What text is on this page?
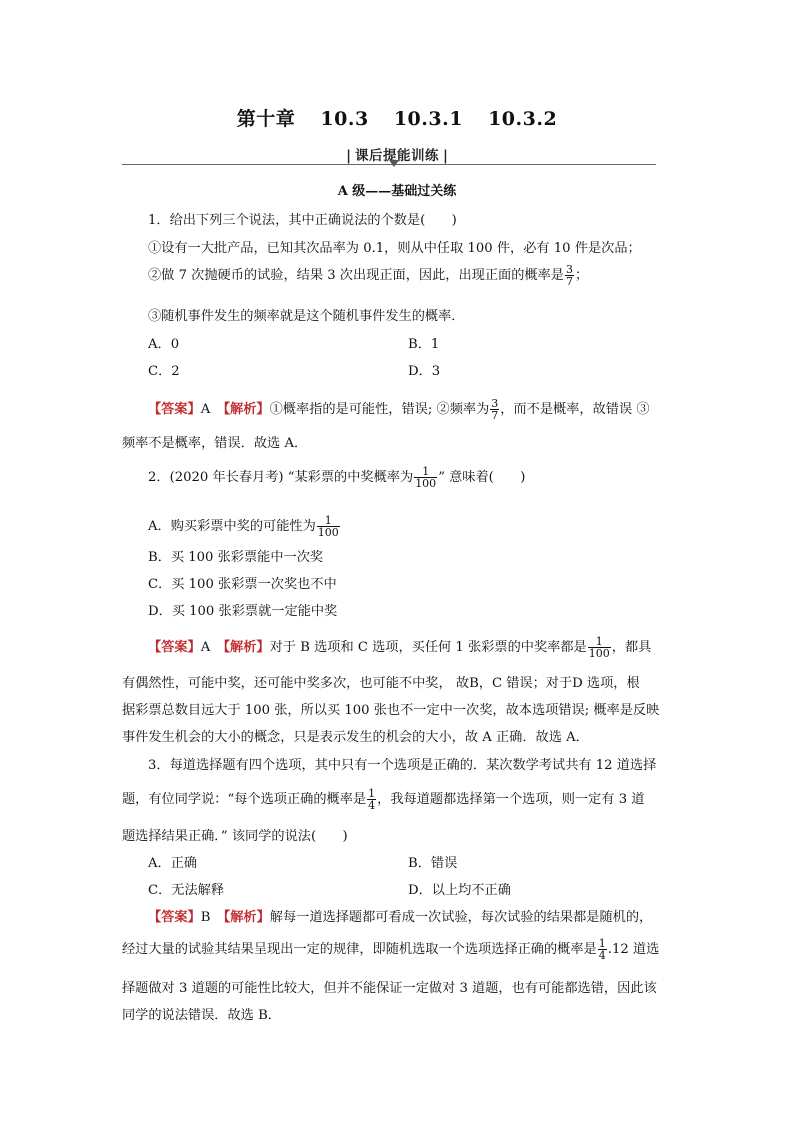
第十章 10.3 10.3.1 10.3.2
| 课后提能训练 |
A 级——基础过关练
1．给出下列三个说法，其中正确说法的个数是(　　)
①设有一大批产品，已知其次品率为 0.1，则从中任取 100 件，必有 10 件是次品；
②做 7 次抛硬币的试验，结果 3 次出现正面，因此，出现正面的概率是 $\frac{3}{7}$ ；
③随机事件发生的频率就是这个随机事件发生的概率．
A．0	B．1
C．2	D．3
【答案】A　 【解析】①概率指的是可能性，错误; ②频率为 $\frac{3}{7}$ ，而不是概率，故错误 ③
频率不是概率，错误．故选 A．
2．(2020 年长春月考) “某彩票的中奖概率为 $\frac{1}{100}$ ” 意味着(　　)
A．购买彩票中奖的可能性为 $\frac{1}{100}$
B．买 100 张彩票能中一次奖
C．买 100 张彩票一次奖也不中
D．买 100 张彩票就一定能中奖
【答案】A　 【解析】对于 B 选项和 C 选项，买任何 1 张彩票的中奖率都是 $\frac{1}{100}$ ，都具
有偶然性，可能中奖，还可能中奖多次，也可能不中奖， 故B，C 错误；对于D 选项，根
据彩票总数目远大于 100 张，所以买 100 张也不一定中一次奖，故本选项错误; 概率是反映
事件发生机会的大小的概念，只是表示发生的机会的大小，故 A 正确．故选 A．
3．每道选择题有四个选项，其中只有一个选项是正确的．某次数学考试共有 12 道选择
题，有位同学说：“每个选项正确的概率是 $\frac{1}{4}$ ，我每道题都选择第一个选项，则一定有 3 道
题选择结果正确．” 该同学的说法(　　)
A．正确	B．错误
C．无法解释	D．以上均不正确
【答案】B　 【解析】解每一道选择题都可看成一次试验，每次试验的结果都是随机的，
经过大量的试验其结果呈现出一定的规律，即随机选取一个选项选择正确的概率是 $\frac{1}{4} .12$ 道选
择题做对 3 道题的可能性比较大，但并不能保证一定做对 3 道题，也有可能都选错，因此该
同学的说法错误．故选 B．
